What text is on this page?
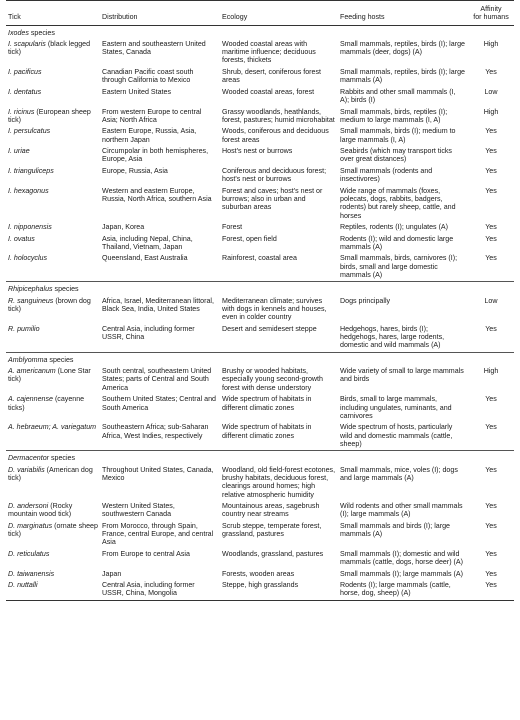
Tick	Distribution	Ecology	Feeding hosts	Affinity
for humans
Ixodes species				
I. scapularis (black legged tick)	Eastern and southeastern United States, Canada	Wooded coastal areas with maritime influence; deciduous forests, thickets	Small mammals, reptiles, birds (I); large mammals (deer, dogs) (A)	High
I. pacificus	Canadian Pacific coast south through California to Mexico	Shrub, desert, coniferous forest areas	Small mammals, reptiles, birds (I); large mammals (A)	Yes
I. dentatus	Eastern United States	Wooded coastal areas, forest	Rabbits and other small mammals (I, A); birds (I)	Low
I. ricinus (European sheep tick)	From western Europe to central Asia; North Africa	Grassy woodlands, heathlands, forest, pastures; humid microhabitat	Small mammals, birds, reptiles (I); medium to large mammals (I, A)	High
I. persulcatus	Eastern Europe, Russia, Asia, northern Japan	Woods, coniferous and deciduous forest areas	Small mammals, birds (I); medium to large mammals (I, A)	Yes
I. uriae	Circumpolar in both hemispheres, Europe, Asia	Host's nest or burrows	Seabirds (which may transport ticks over great distances)	Yes
I. trianguliceps	Europe, Russia, Asia	Coniferous and deciduous forest; host's nest or burrows	Small mammals (rodents and insectivores)	Yes
I. hexagonus	Western and eastern Europe, Russia, North Africa, southern Asia	Forest and caves; host's nest or burrows; also in urban and suburban areas	Wide range of mammals (foxes, polecats, dogs, rabbits, badgers, rodents) but rarely sheep, cattle, and horses	Yes
I. nipponensis	Japan, Korea	Forest	Reptiles, rodents (I); ungulates (A)	Yes
I. ovatus	Asia, including Nepal, China, Thailand, Vietnam, Japan	Forest, open field	Rodents (I); wild and domestic large mammals (A)	Yes
I. holocyclus	Queensland, East Australia	Rainforest, coastal area	Small mammals, birds, carnivores (I); birds, small and large domestic mammals (A)	Yes
Rhipicephalus species				
R. sanguineus (brown dog tick)	Africa, Israel, Mediterranean littoral, Black Sea, India, United States	Mediterranean climate; survives with dogs in kennels and houses, even in colder country	Dogs principally	Low
R. pumilio	Central Asia, including former USSR, China	Desert and semidesert steppe	Hedgehogs, hares, birds (I); hedgehogs, hares, large rodents, domestic and wild mammals (A)	Yes
Amblyomma species				
A. americanum (Lone Star tick)	South central, southeastern United States; parts of Central and South America	Brushy or wooded habitats, especially young second-growth forest with dense understory	Wide variety of small to large mammals and birds	High
A. cajennense (cayenne ticks)	Southern United States; Central and South America	Wide spectrum of habitats in different climatic zones	Birds, small to large mammals, including ungulates, ruminants, and carnivores	Yes
A. hebraeum; A. variegatum	Southeastern Africa; sub-Saharan Africa, West Indies, respectively	Wide spectrum of habitats in different climatic zones	Wide spectrum of hosts, particularly wild and domestic mammals (cattle, sheep)	Yes
Dermacentor species				
D. variabilis (American dog tick)	Throughout United States, Canada, Mexico	Woodland, old field-forest ecotones, brushy habitats, deciduous forest, clearings around homes; high relative atmospheric humidity	Small mammals, mice, voles (I); dogs and large mammals (A)	Yes
D. andersoni (Rocky mountain wood tick)	Western United States, southwestern Canada	Mountainous areas, sagebrush country near streams	Wild rodents and other small mammals (I); large mammals (A)	Yes
D. marginatus (ornate sheep tick)	From Morocco, through Spain, France, central Europe, and central Asia	Scrub steppe, temperate forest, grassland, pastures	Small mammals and birds (I); large mammals (A)	Yes
D. reticulatus	From Europe to central Asia	Woodlands, grassland, pastures	Small mammals (I); domestic and wild mammals (cattle, dogs, horse deer) (A)	Yes
D. taiwanensis	Japan	Forests, wooden areas	Small mammals (I); large mammals (A)	Yes
D. nuttalli	Central Asia, including former USSR, China, Mongolia	Steppe, high grasslands	Rodents (I); large mammals (cattle, horse, dog, sheep) (A)	Yes
